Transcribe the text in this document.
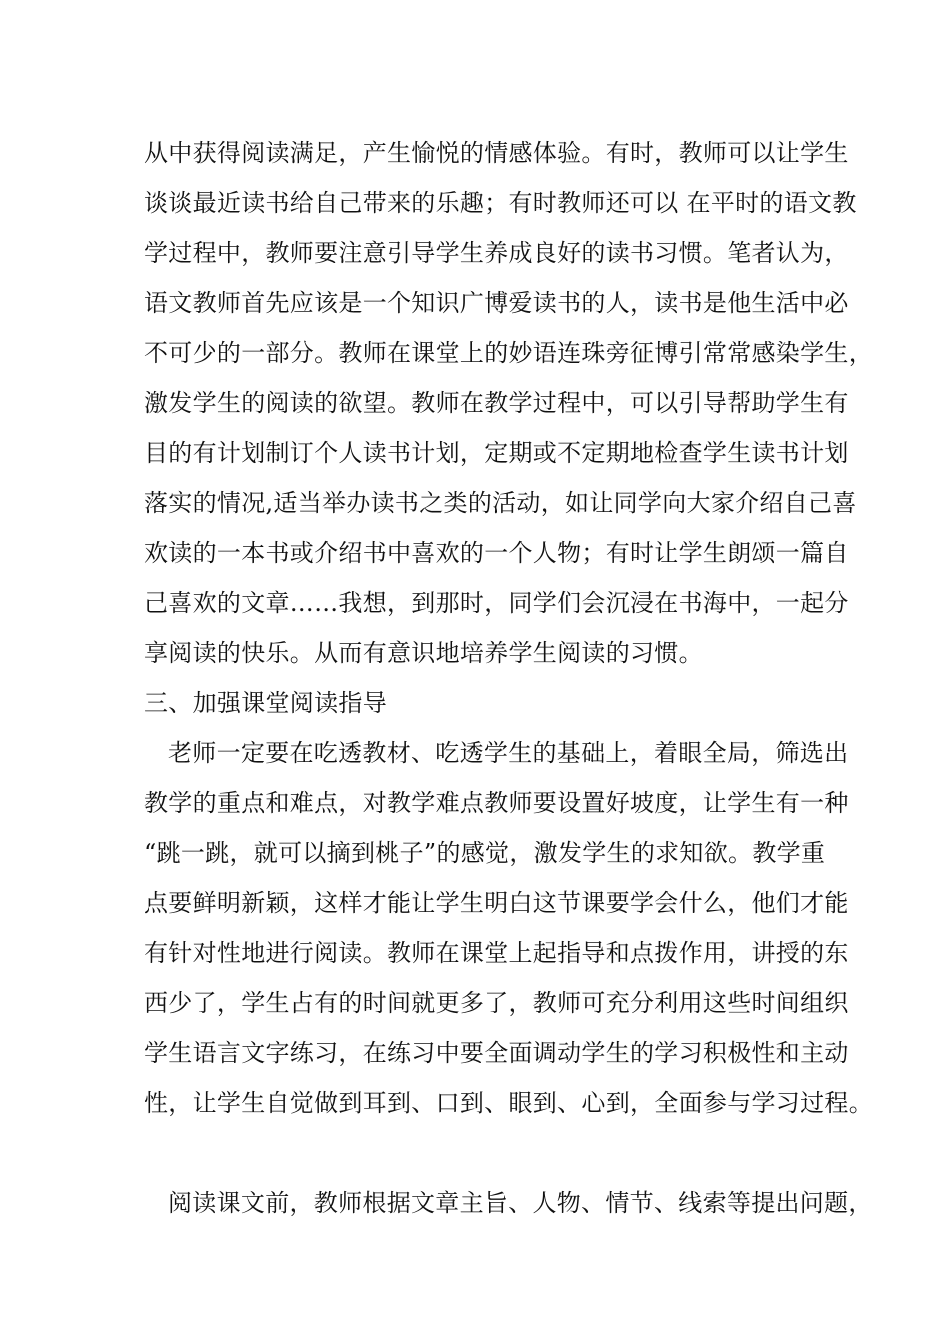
从中获得阅读满足，产生愉悦的情感体验。有时，教师可以让学生
谈谈最近读书给自己带来的乐趣；有时教师还可以 在平时的语文教
学过程中，教师要注意引导学生养成良好的读书习惯。笔者认为，
语文教师首先应该是一个知识广博爱读书的人，读书是他生活中必
不可少的一部分。教师在课堂上的妙语连珠旁征博引常常感染学生，
激发学生的阅读的欲望。教师在教学过程中，可以引导帮助学生有
目的有计划制订个人读书计划，定期或不定期地检查学生读书计划
落实的情况,适当举办读书之类的活动，如让同学向大家介绍自己喜
欢读的一本书或介绍书中喜欢的一个人物；有时让学生朗颂一篇自
己喜欢的文章……我想，到那时，同学们会沉浸在书海中，一起分
享阅读的快乐。从而有意识地培养学生阅读的习惯。
三、加强课堂阅读指导
老师一定要在吃透教材、吃透学生的基础上，着眼全局，筛选出
教学的重点和难点，对教学难点教师要设置好坡度，让学生有一种
“跳一跳，就可以摘到桃子”的感觉，激发学生的求知欲。教学重
点要鲜明新颖，这样才能让学生明白这节课要学会什么，他们才能
有针对性地进行阅读。教师在课堂上起指导和点拨作用，讲授的东
西少了，学生占有的时间就更多了，教师可充分利用这些时间组织
学生语言文字练习，在练习中要全面调动学生的学习积极性和主动
性，让学生自觉做到耳到、口到、眼到、心到，全面参与学习过程。
阅读课文前，教师根据文章主旨、人物、情节、线索等提出问题，
